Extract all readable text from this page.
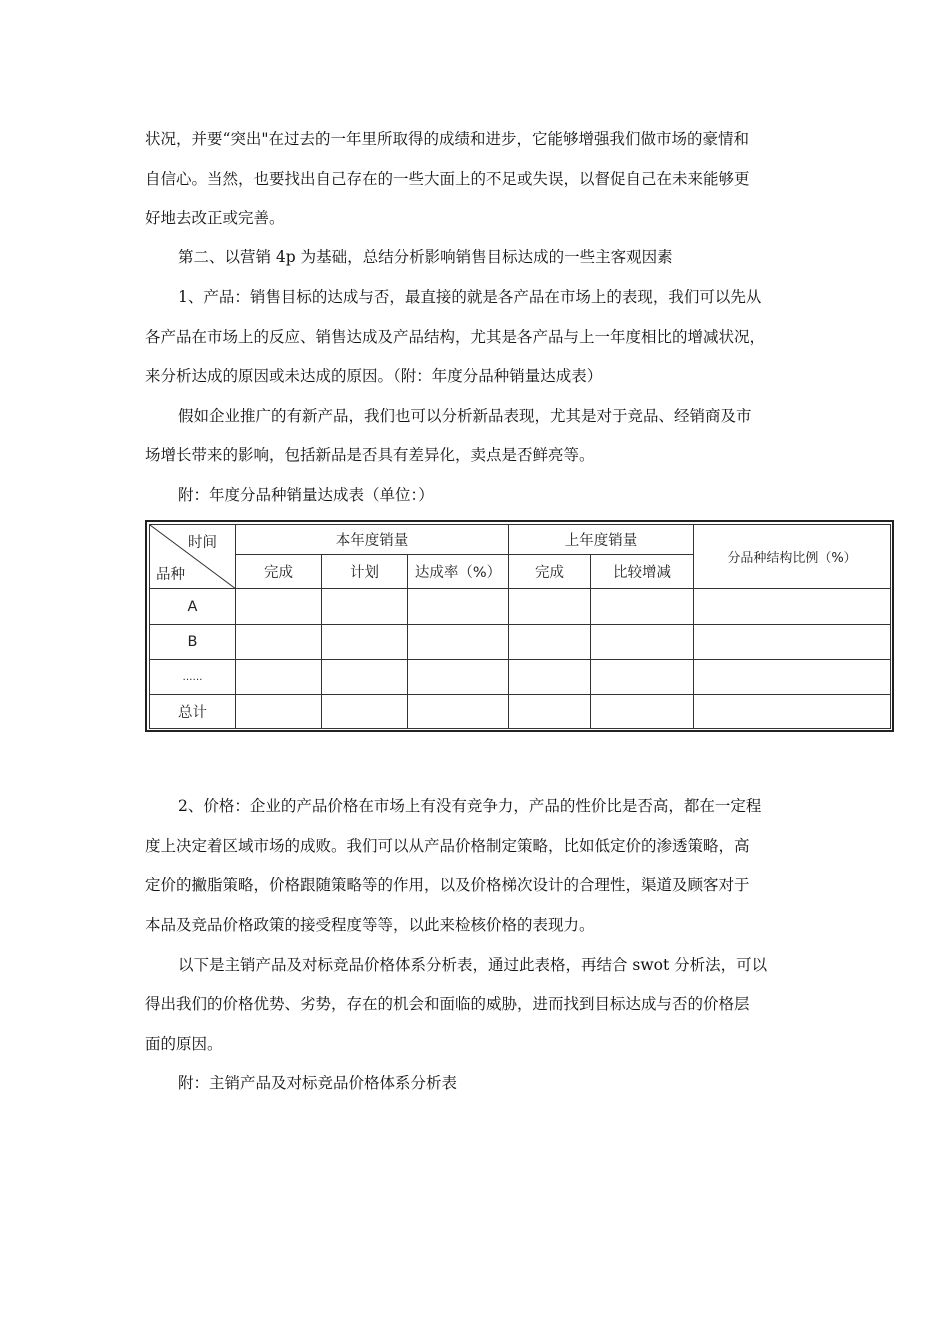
状况，并要“突出"在过去的一年里所取得的成绩和进步，它能够增强我们做市场的豪情和
自信心。当然，也要找出自己存在的一些大面上的不足或失误，以督促自己在未来能够更
好地去改正或完善。
第二、以营销 4p 为基础，总结分析影响销售目标达成的一些主客观因素
1、产品：销售目标的达成与否，最直接的就是各产品在市场上的表现，我们可以先从
各产品在市场上的反应、销售达成及产品结构，尤其是各产品与上一年度相比的增减状况，
来分析达成的原因或未达成的原因。（附：年度分品种销量达成表）
假如企业推广的有新产品，我们也可以分析新品表现，尤其是对于竞品、经销商及市
场增长带来的影响，包括新品是否具有差异化，卖点是否鲜亮等。
附：年度分品种销量达成表（单位：）
时间
品种	本年度销量			上年度销量		分品种结构比例（%）
	完成	计划	达成率（%）	完成	比较增减	
A						
B						
……						
总计						
2、价格：企业的产品价格在市场上有没有竞争力，产品的性价比是否高，都在一定程
度上决定着区域市场的成败。我们可以从产品价格制定策略，比如低定价的渗透策略，高
定价的撇脂策略，价格跟随策略等的作用，以及价格梯次设计的合理性，渠道及顾客对于
本品及竞品价格政策的接受程度等等，以此来检核价格的表现力。
以下是主销产品及对标竞品价格体系分析表，通过此表格，再结合 swot 分析法，可以
得出我们的价格优势、劣势，存在的机会和面临的威胁，进而找到目标达成与否的价格层
面的原因。
附：主销产品及对标竞品价格体系分析表
